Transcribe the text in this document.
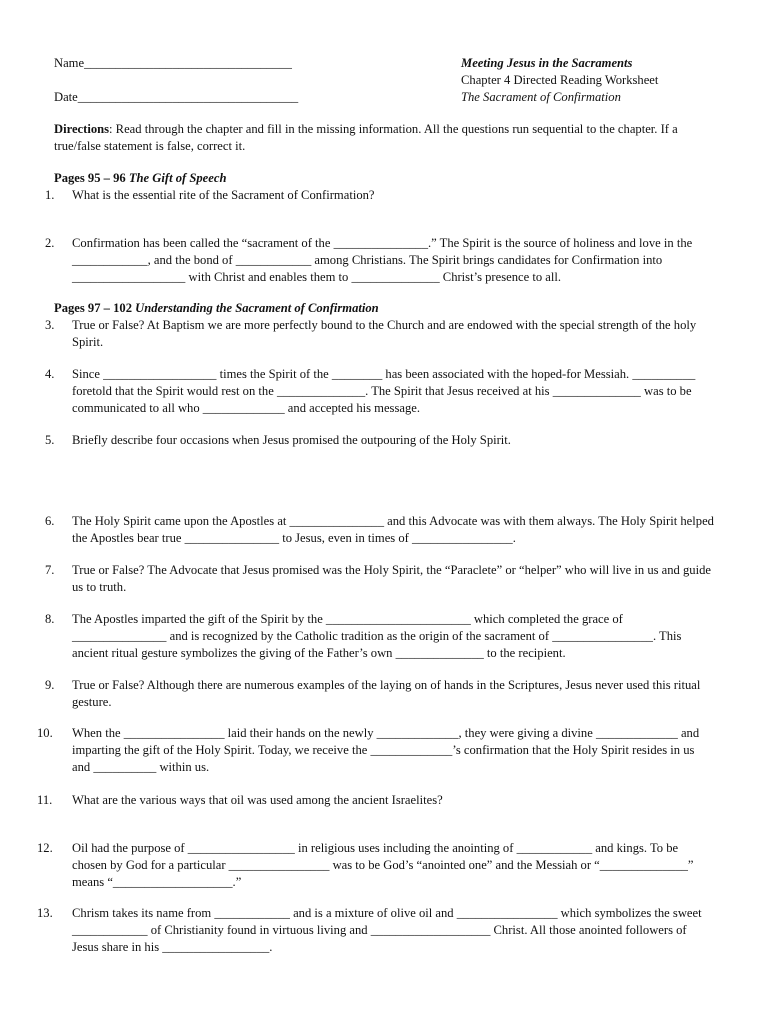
Name_________________________________
Date___________________________________
Meeting Jesus in the Sacraments
Chapter 4 Directed Reading Worksheet
The Sacrament of Confirmation
Directions: Read through the chapter and fill in the missing information. All the questions run sequential to the chapter. If a true/false statement is false, correct it.
Pages 95 – 96 The Gift of Speech
1. What is the essential rite of the Sacrament of Confirmation?
2. Confirmation has been called the “sacrament of the _______________.” The Spirit is the source of holiness and love in the ____________, and the bond of ____________ among Christians. The Spirit brings candidates for Confirmation into __________________ with Christ and enables them to ______________ Christ’s presence to all.
Pages 97 – 102 Understanding the Sacrament of Confirmation
3. True or False? At Baptism we are more perfectly bound to the Church and are endowed with the special strength of the holy Spirit.
4. Since __________________ times the Spirit of the ________ has been associated with the hoped-for Messiah. __________ foretold that the Spirit would rest on the ______________. The Spirit that Jesus received at his ______________ was to be communicated to all who _____________ and accepted his message.
5. Briefly describe four occasions when Jesus promised the outpouring of the Holy Spirit.
6. The Holy Spirit came upon the Apostles at _______________ and this Advocate was with them always. The Holy Spirit helped the Apostles bear true _______________ to Jesus, even in times of ________________.
7. True or False? The Advocate that Jesus promised was the Holy Spirit, the “Paraclete” or “helper” who will live in us and guide us to truth.
8. The Apostles imparted the gift of the Spirit by the _______________________ which completed the grace of _______________ and is recognized by the Catholic tradition as the origin of the sacrament of ________________. This ancient ritual gesture symbolizes the giving of the Father’s own ______________ to the recipient.
9. True or False? Although there are numerous examples of the laying on of hands in the Scriptures, Jesus never used this ritual gesture.
10. When the ________________ laid their hands on the newly _____________, they were giving a divine _____________ and imparting the gift of the Holy Spirit. Today, we receive the _____________’s confirmation that the Holy Spirit resides in us and __________ within us.
11. What are the various ways that oil was used among the ancient Israelites?
12. Oil had the purpose of _________________ in religious uses including the anointing of ____________ and kings. To be chosen by God for a particular ________________ was to be God’s “anointed one” and the Messiah or “______________” means “___________________.”
13. Chrism takes its name from ____________ and is a mixture of olive oil and ________________ which symbolizes the sweet ____________ of Christianity found in virtuous living and ___________________ Christ. All those anointed followers of Jesus share in his _________________.
